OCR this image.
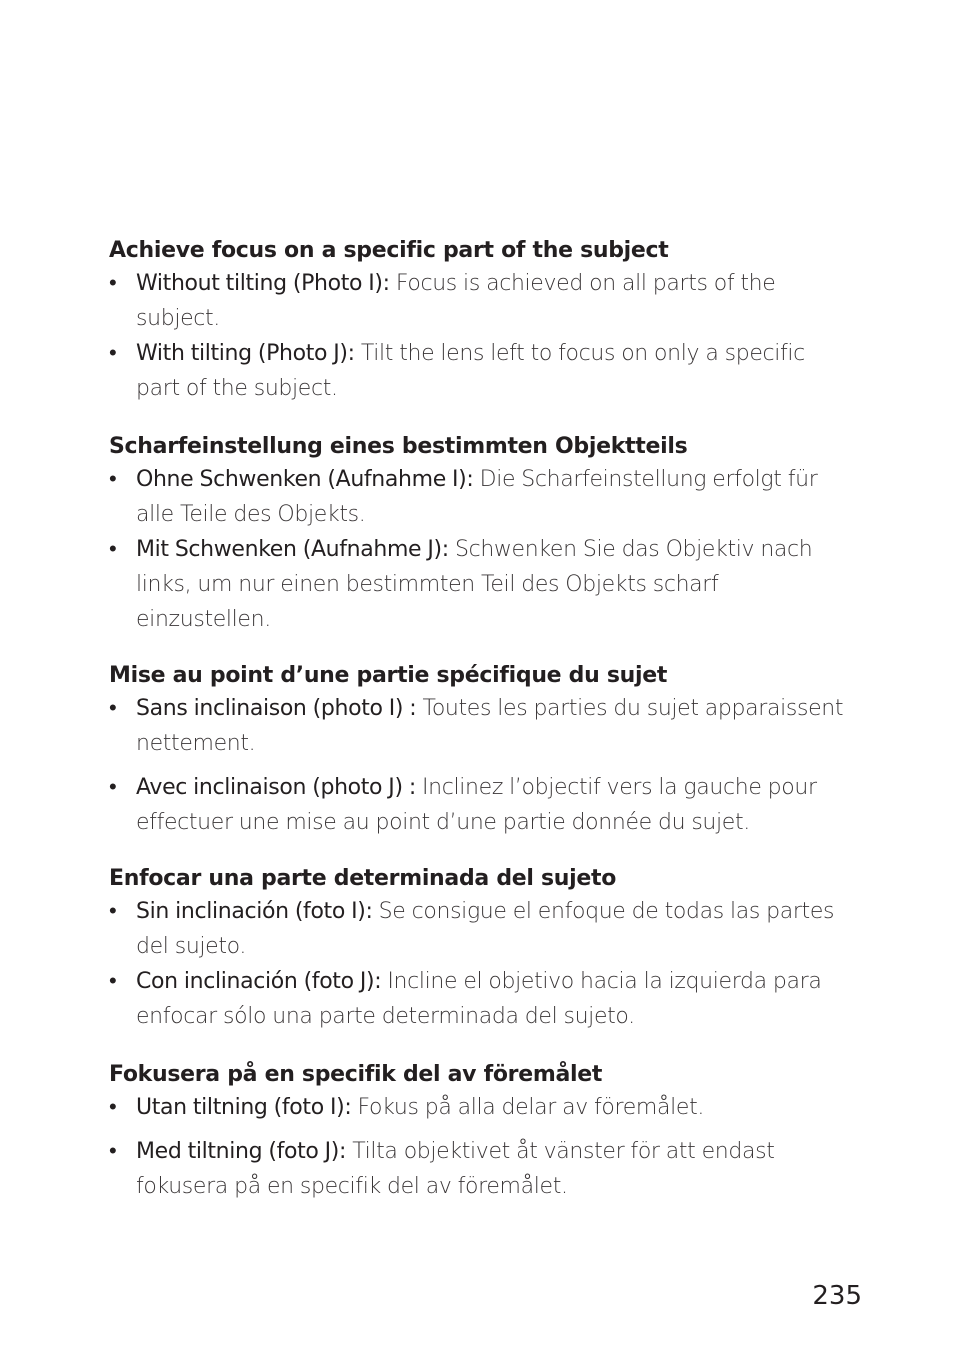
Achieve focus on a specific part of the subject
• Without tilting (Photo I): Focus is achieved on all parts of the subject.
• With tilting (Photo J): Tilt the lens left to focus on only a specific part of the subject.
Scharfeinstellung eines bestimmten Objektteils
• Ohne Schwenken (Aufnahme I): Die Scharfeinstellung erfolgt für alle Teile des Objekts.
• Mit Schwenken (Aufnahme J): Schwenken Sie das Objektiv nach links, um nur einen bestimmten Teil des Objekts scharf einzustellen.
Mise au point d’une partie spécifique du sujet
• Sans inclinaison (photo I) : Toutes les parties du sujet apparaissent nettement.
• Avec inclinaison (photo J) : Inclinez l’objectif vers la gauche pour effectuer une mise au point d’une partie donnée du sujet.
Enfocar una parte determinada del sujeto
• Sin inclinación (foto I): Se consigue el enfoque de todas las partes del sujeto.
• Con inclinación (foto J): Incline el objetivo hacia la izquierda para enfocar sólo una parte determinada del sujeto.
Fokusera på en specifik del av föremålet
• Utan tiltning (foto I): Fokus på alla delar av föremålet.
• Med tiltning (foto J): Tilta objektivet åt vänster för att endast fokusera på en specifik del av föremålet.
235
